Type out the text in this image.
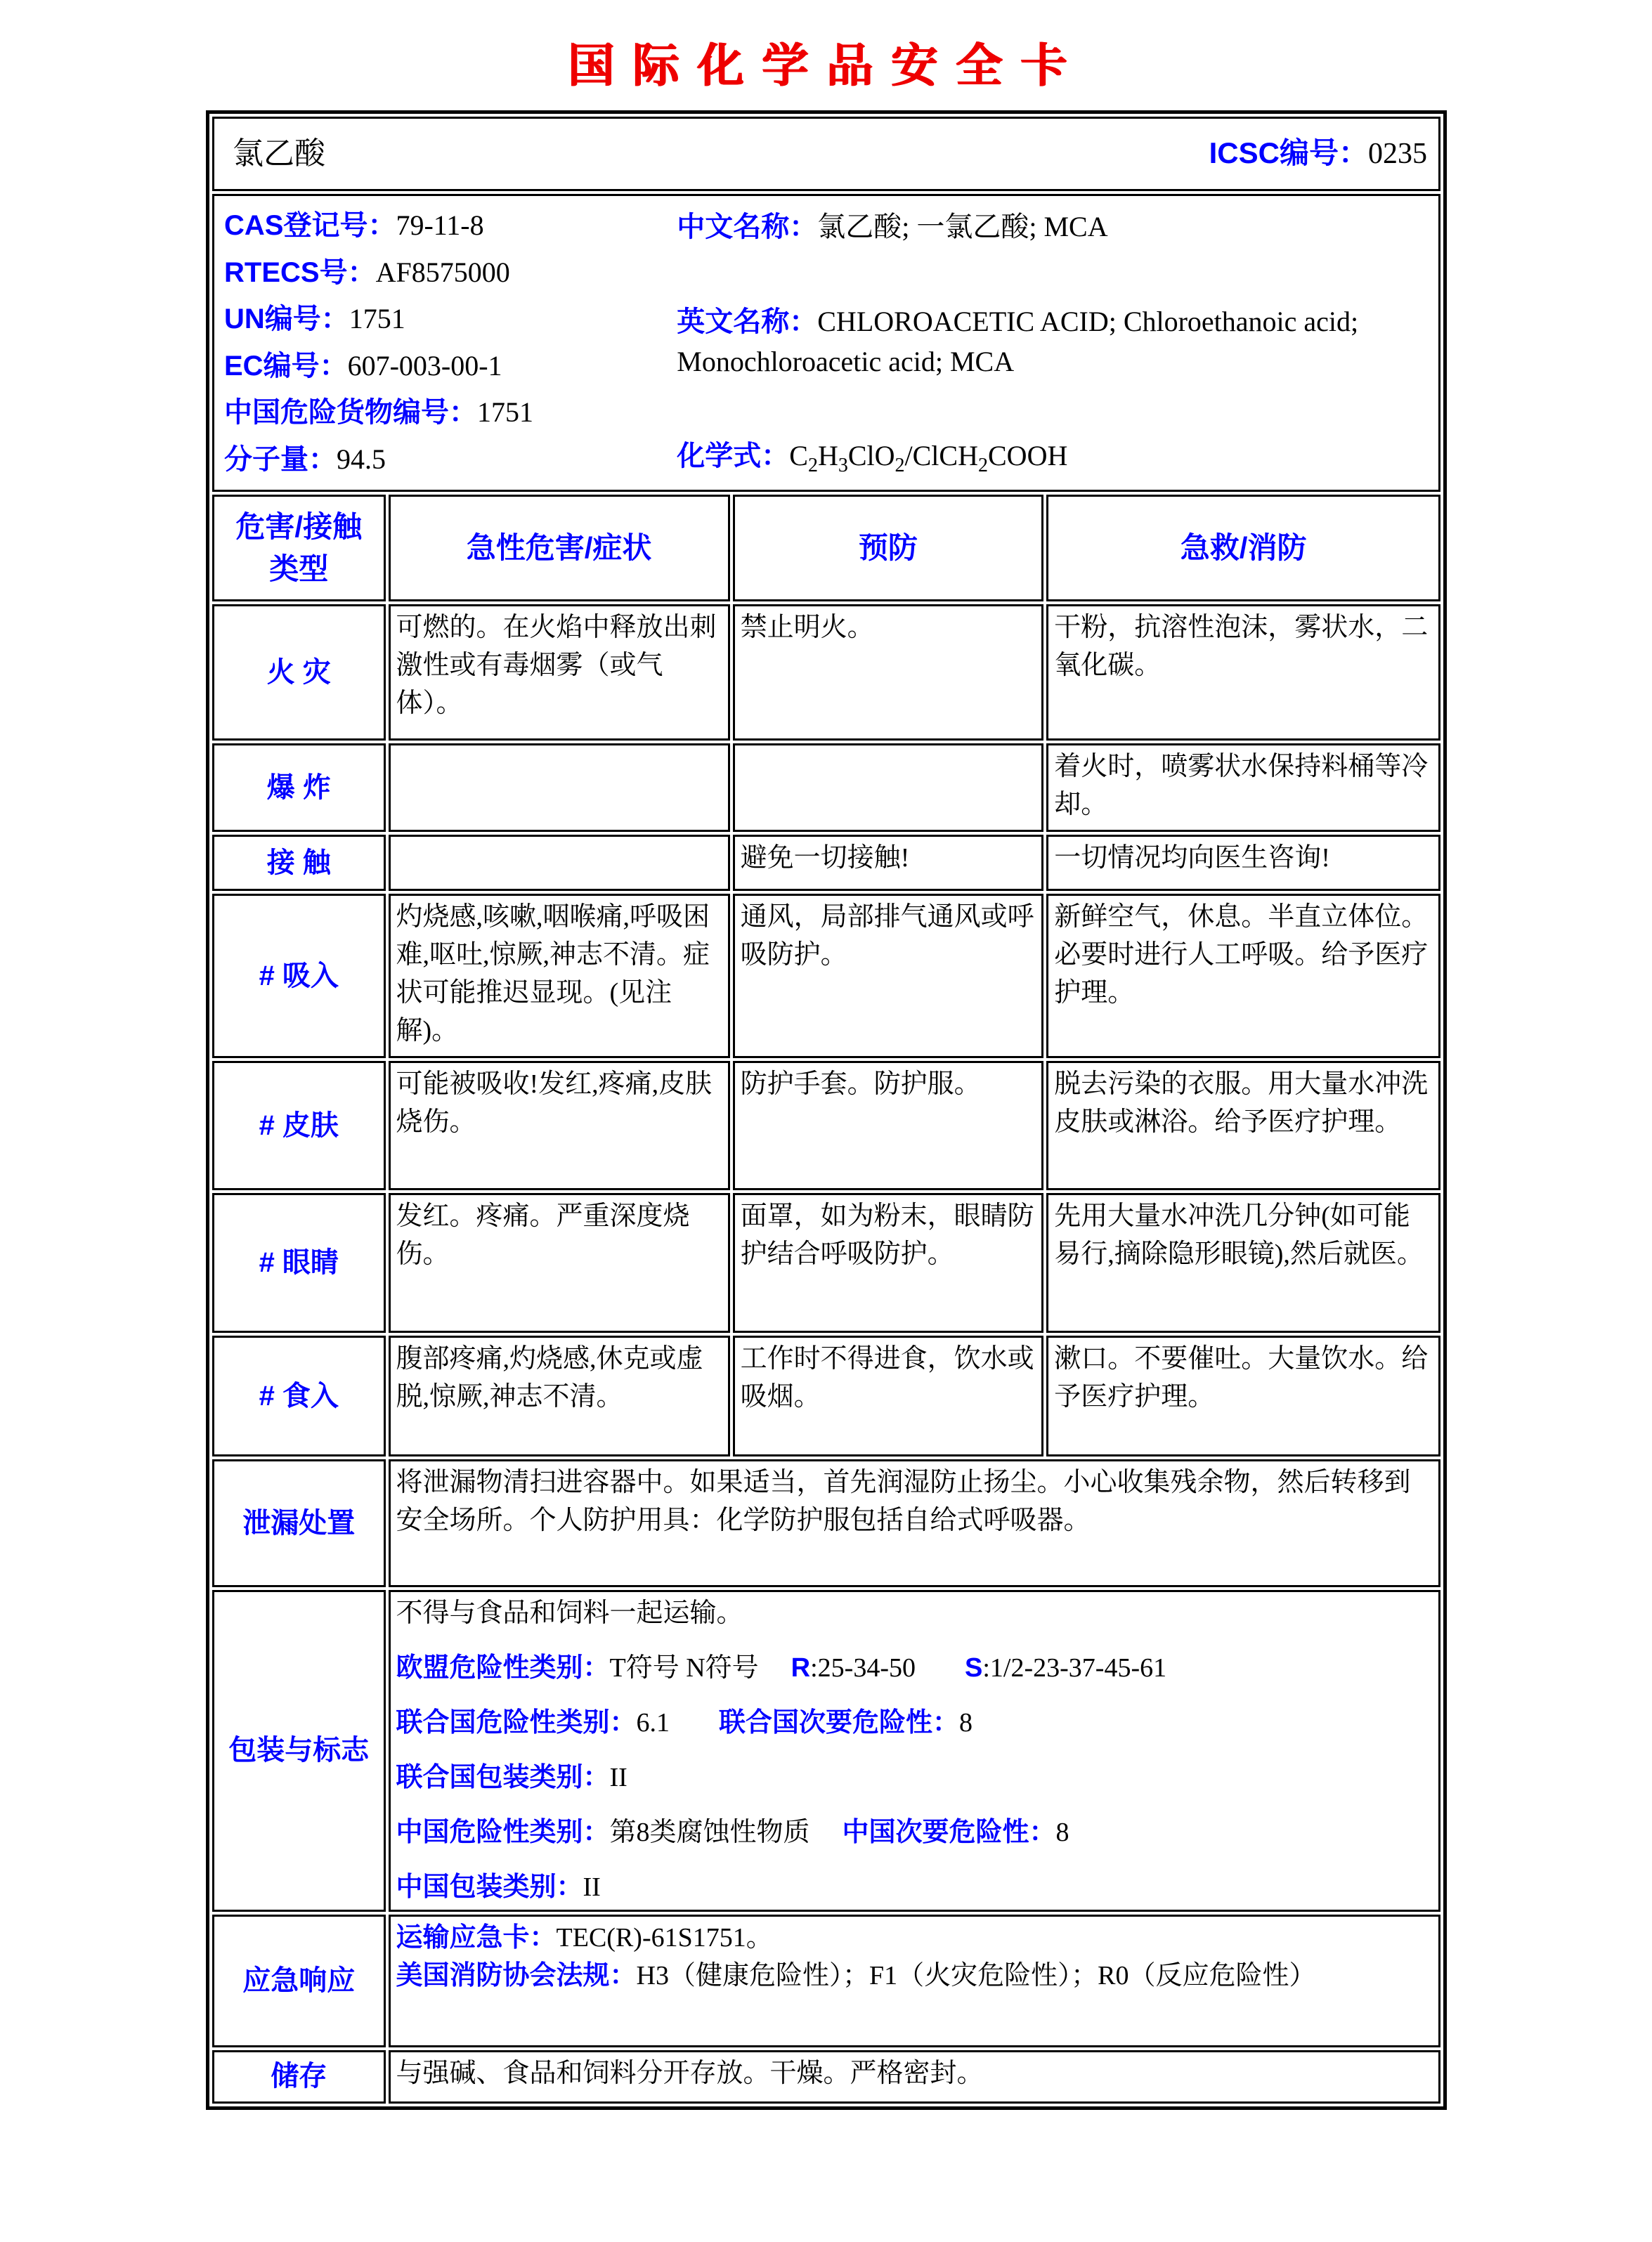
国际化学品安全卡
氯乙酸 ICSC编号：0235			

CAS登记号：79-11-8
RTECS号：AF8575000
UN编号：1751
EC编号：607-003-00-1
中国危险货物编号：1751
分子量：94.5
中文名称：氯乙酸; 一氯乙酸; MCA
英文名称：CHLOROACETIC ACID; Chloroethanoic acid; Monochloroacetic acid; MCA
化学式：$C_2H_3ClO_2/ClCH_2COOH$

危害/接触
类型	急性危害/症状	预防	急救/消防
火 灾	可燃的。在火焰中释放出刺激性或有毒烟雾（或气体）。	禁止明火。	干粉，抗溶性泡沫，雾状水，二氧化碳。
爆 炸			着火时，喷雾状水保持料桶等冷却。
接 触		避免一切接触!	一切情况均向医生咨询!
# 吸入	灼烧感,咳嗽,咽喉痛,呼吸困难,呕吐,惊厥,神志不清。症状可能推迟显现。(见注解)。	通风，局部排气通风或呼吸防护。	新鲜空气，休息。半直立体位。必要时进行人工呼吸。给予医疗护理。
# 皮肤	可能被吸收!发红,疼痛,皮肤烧伤。	防护手套。防护服。	脱去污染的衣服。用大量水冲洗皮肤或淋浴。给予医疗护理。
# 眼睛	发红。疼痛。严重深度烧伤。	面罩，如为粉末，眼睛防护结合呼吸防护。	先用大量水冲洗几分钟(如可能易行,摘除隐形眼镜),然后就医。
# 食入	腹部疼痛,灼烧感,休克或虚脱,惊厥,神志不清。	工作时不得进食，饮水或吸烟。	漱口。不要催吐。大量饮水。给予医疗护理。
泄漏处置	将泄漏物清扫进容器中。如果适当，首先润湿防止扬尘。小心收集残余物，然后转移到安全场所。个人防护用具：化学防护服包括自给式呼吸器。		
包装与标志	
不得与食品和饲料一起运输。
欧盟危险性类别：T符号 N符号 R:25-34-50 S:1/2-23-37-45-61
联合国危险性类别：6.1 联合国次要危险性：8
联合国包装类别：II
中国危险性类别：第8类腐蚀性物质 中国次要危险性：8
中国包装类别：II

应急响应	运输应急卡：TEC(R)-61S1751。
美国消防协会法规：H3（健康危险性）；F1（火灾危险性）；R0（反应危险性）		

储存	与强碱、食品和饲料分开存放。干燥。严格密封。		
